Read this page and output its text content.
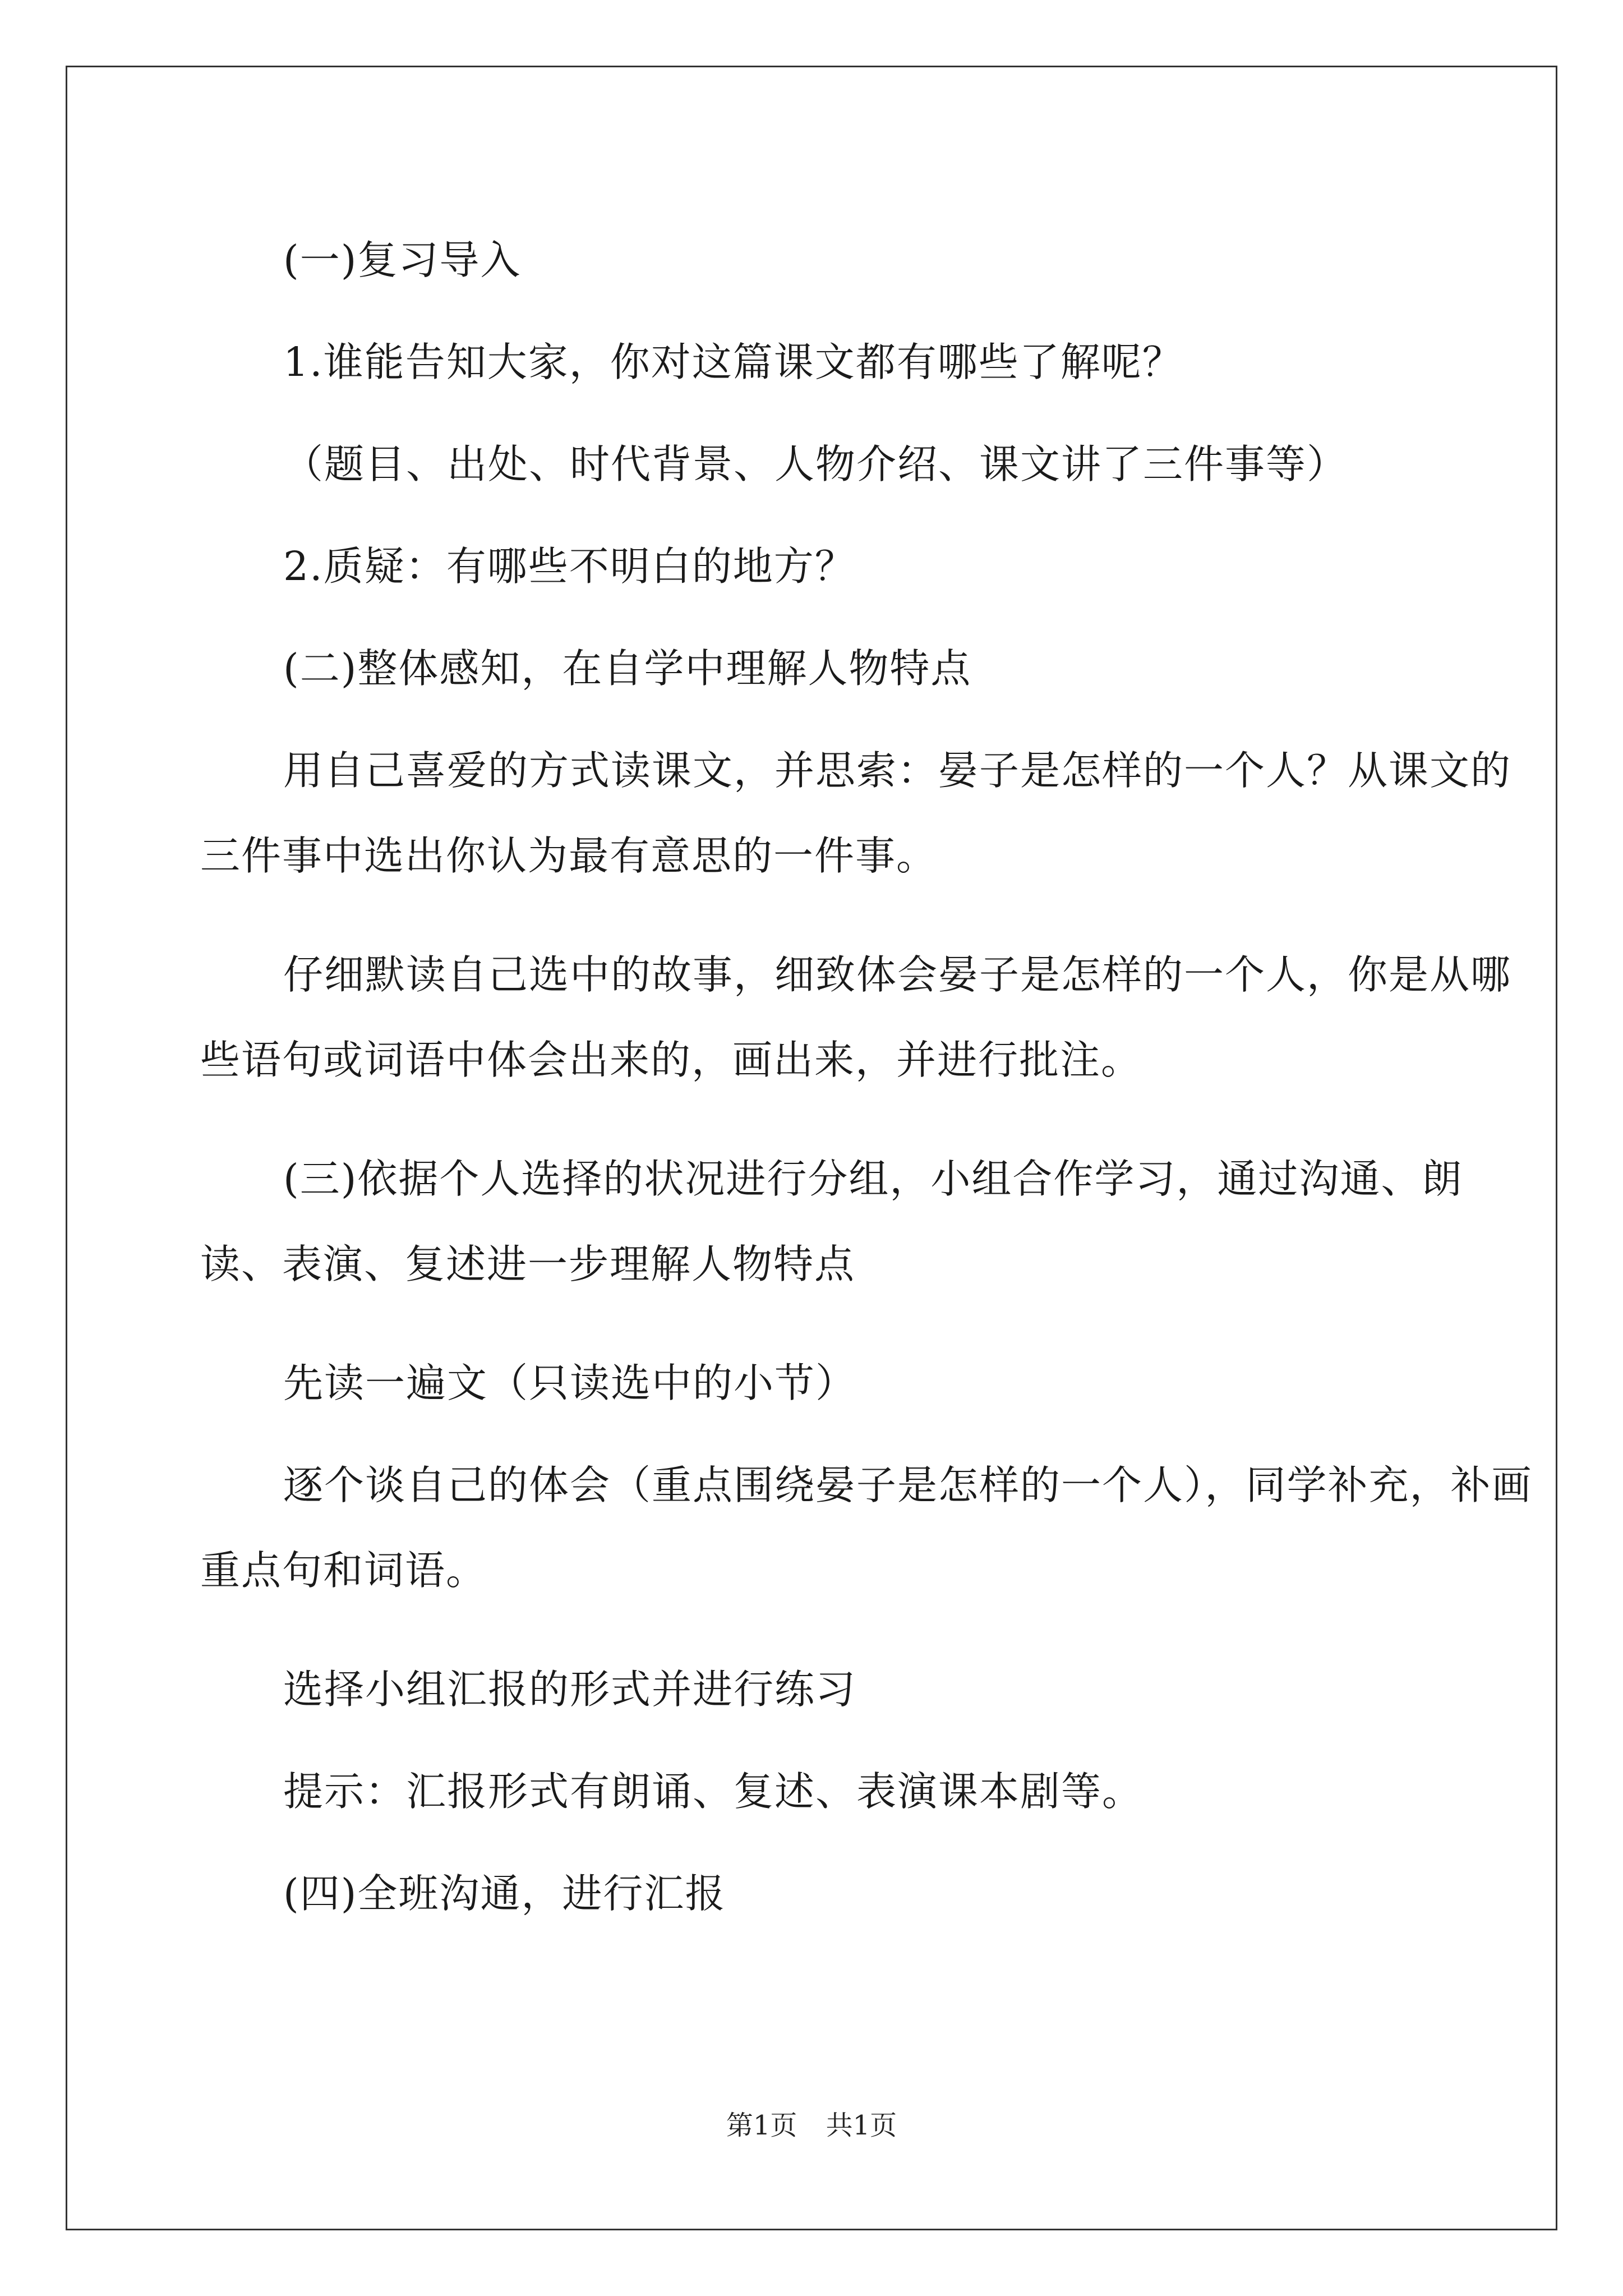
(一)复习导入

1.谁能告知大家，你对这篇课文都有哪些了解呢？

（题目、出处、时代背景、人物介绍、课文讲了三件事等）

2.质疑：有哪些不明白的地方？

(二)整体感知，在自学中理解人物特点

用自己喜爱的方式读课文，并思索：晏子是怎样的一个人？从课文的三件事中选出你认为最有意思的一件事。

仔细默读自己选中的故事，细致体会晏子是怎样的一个人，你是从哪些语句或词语中体会出来的，画出来，并进行批注。

(三)依据个人选择的状况进行分组，小组合作学习，通过沟通、朗读、表演、复述进一步理解人物特点

先读一遍文（只读选中的小节）

逐个谈自己的体会（重点围绕晏子是怎样的一个人），同学补充，补画重点句和词语。

选择小组汇报的形式并进行练习

提示：汇报形式有朗诵、复述、表演课本剧等。

(四)全班沟通，进行汇报

第1页 共1页
